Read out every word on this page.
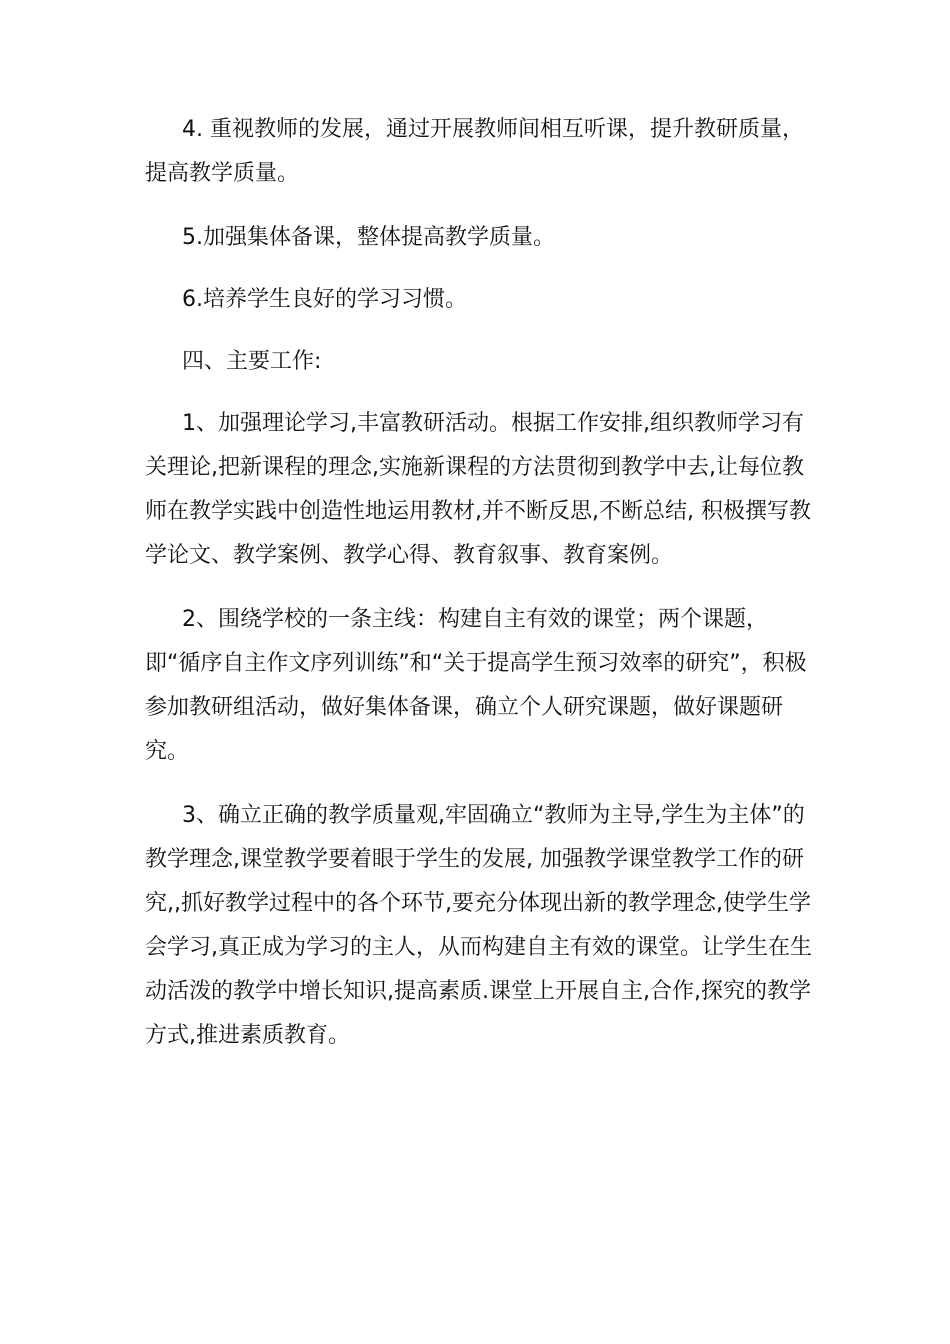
4. 重视教师的发展，通过开展教师间相互听课，提升教研质量，提高教学质量。

5.加强集体备课，整体提高教学质量。

6.培养学生良好的学习习惯。

四、主要工作:

1、加强理论学习,丰富教研活动。根据工作安排,组织教师学习有关理论,把新课程的理念,实施新课程的方法贯彻到教学中去,让每位教师在教学实践中创造性地运用教材,并不断反思,不断总结, 积极撰写教学论文、教学案例、教学心得、教育叙事、教育案例。

2、围绕学校的一条主线：构建自主有效的课堂；两个课题，即“循序自主作文序列训练”和“关于提高学生预习效率的研究”，积极参加教研组活动，做好集体备课，确立个人研究课题，做好课题研究。

3、确立正确的教学质量观,牢固确立“教师为主导,学生为主体”的教学理念,课堂教学要着眼于学生的发展, 加强教学课堂教学工作的研究,,抓好教学过程中的各个环节,要充分体现出新的教学理念,使学生学会学习,真正成为学习的主人，从而构建自主有效的课堂。让学生在生动活泼的教学中增长知识,提高素质.课堂上开展自主,合作,探究的教学方式,推进素质教育。
